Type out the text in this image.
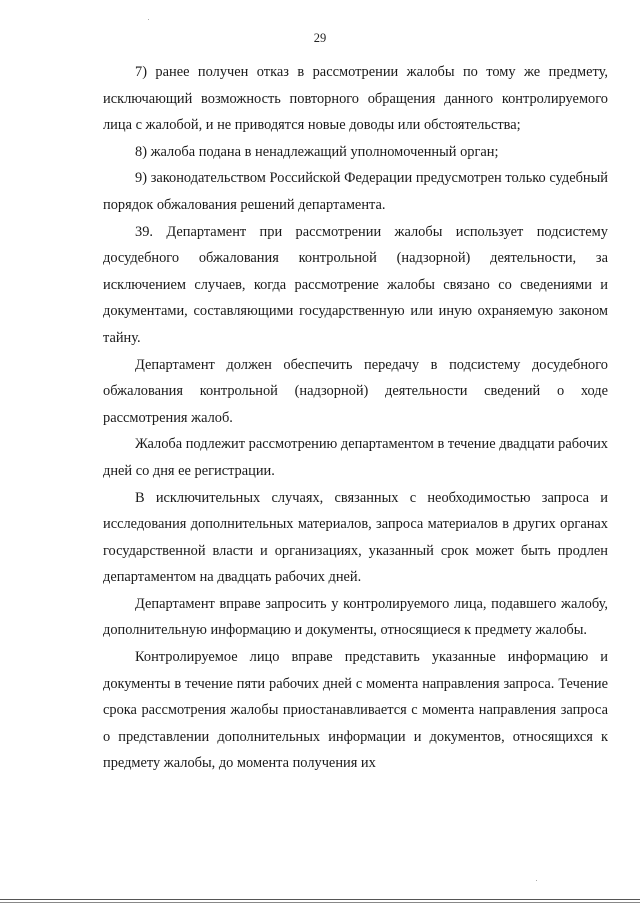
29

7) ранее получен отказ в рассмотрении жалобы по тому же предмету, исключающий возможность повторного обращения данного контролируемого лица с жалобой, и не приводятся новые доводы или обстоятельства;

8) жалоба подана в ненадлежащий уполномоченный орган;

9) законодательством Российской Федерации предусмотрен только судебный порядок обжалования решений департамента.

39. Департамент при рассмотрении жалобы использует подсистему досудебного обжалования контрольной (надзорной) деятельности, за исключением случаев, когда рассмотрение жалобы связано со сведениями и документами, составляющими государственную или иную охраняемую законом тайну.

Департамент должен обеспечить передачу в подсистему досудебного обжалования контрольной (надзорной) деятельности сведений о ходе рассмотрения жалоб.

Жалоба подлежит рассмотрению департаментом в течение двадцати рабочих дней со дня ее регистрации.

В исключительных случаях, связанных с необходимостью запроса и исследования дополнительных материалов, запроса материалов в других органах государственной власти и организациях, указанный срок может быть продлен департаментом на двадцать рабочих дней.

Департамент вправе запросить у контролируемого лица, подавшего жалобу, дополнительную информацию и документы, относящиеся к предмету жалобы.

Контролируемое лицо вправе представить указанные информацию и документы в течение пяти рабочих дней с момента направления запроса. Течение срока рассмотрения жалобы приостанавливается с момента направления запроса о представлении дополнительных информации и документов, относящихся к предмету жалобы, до момента получения их
